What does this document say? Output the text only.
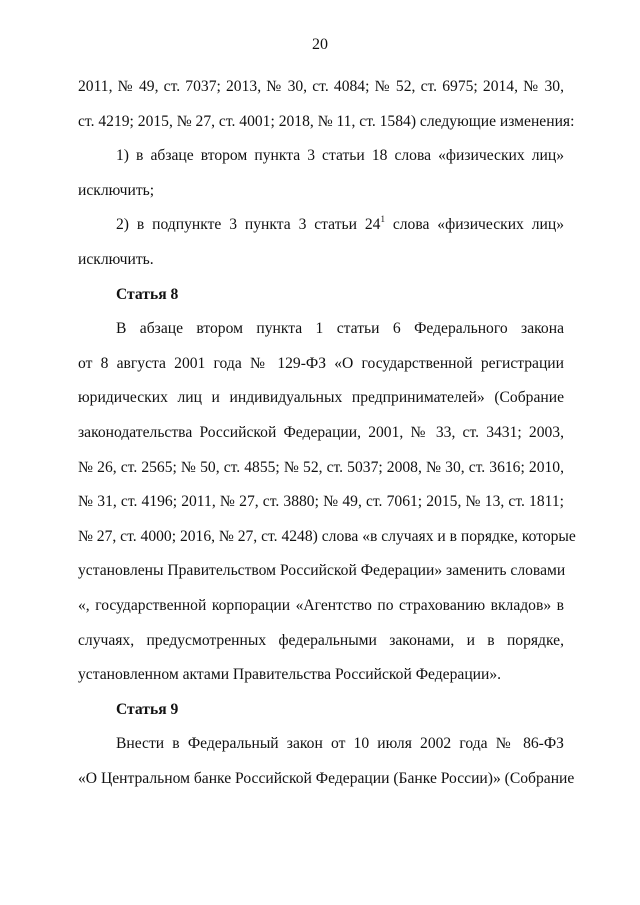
20
2011, № 49, ст. 7037; 2013, № 30, ст. 4084; № 52, ст. 6975; 2014, № 30,
ст. 4219; 2015, № 27, ст. 4001; 2018, № 11, ст. 1584) следующие изменения:
1) в абзаце втором пункта 3 статьи 18 слова «физических лиц»
исключить;
2) в подпункте 3 пункта 3 статьи $24^1$ слова «физических лиц»
исключить.
Статья 8
В абзаце втором пункта 1 статьи 6 Федерального закона
от 8 августа 2001 года № 129-ФЗ «О государственной регистрации
юридических лиц и индивидуальных предпринимателей» (Собрание
законодательства Российской Федерации, 2001, № 33, ст. 3431; 2003,
№ 26, ст. 2565; № 50, ст. 4855; № 52, ст. 5037; 2008, № 30, ст. 3616; 2010,
№ 31, ст. 4196; 2011, № 27, ст. 3880; № 49, ст. 7061; 2015, № 13, ст. 1811;
№ 27, ст. 4000; 2016, № 27, ст. 4248) слова «в случаях и в порядке, которые
установлены Правительством Российской Федерации» заменить словами
«, государственной корпорации «Агентство по страхованию вкладов» в
случаях, предусмотренных федеральными законами, и в порядке,
установленном актами Правительства Российской Федерации».
Статья 9
Внести в Федеральный закон от 10 июля 2002 года № 86-ФЗ
«О Центральном банке Российской Федерации (Банке России)» (Собрание
